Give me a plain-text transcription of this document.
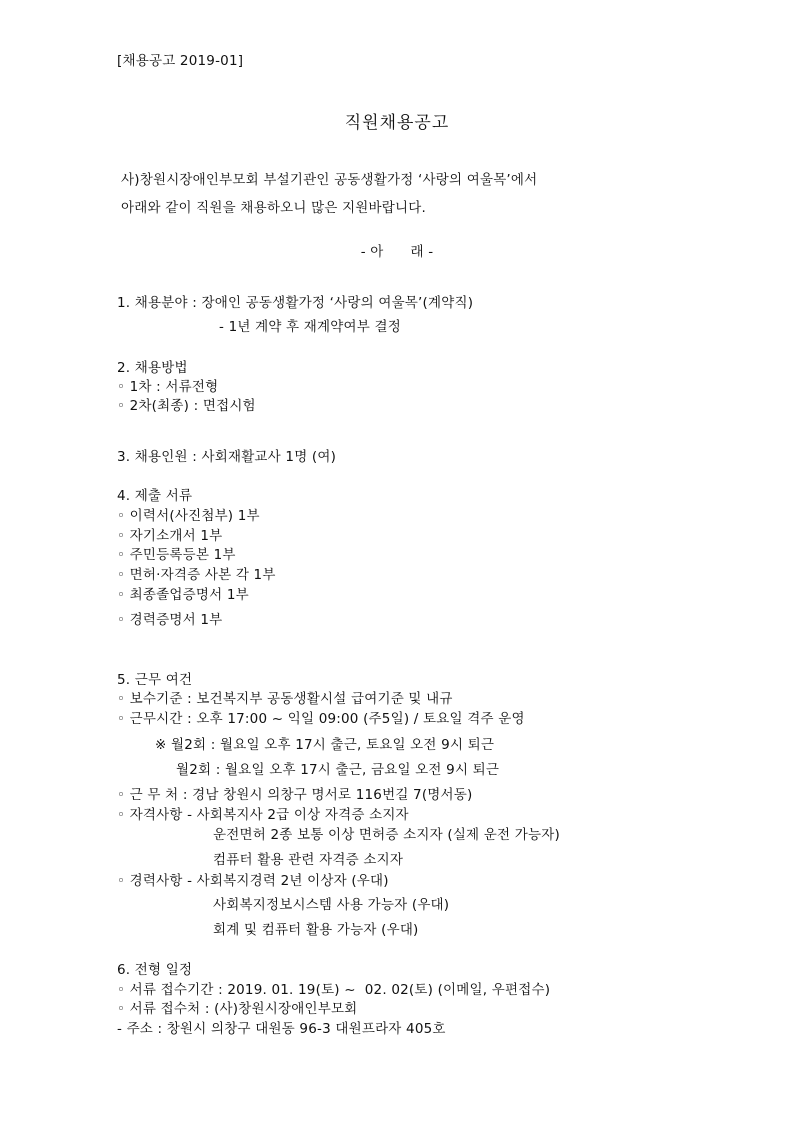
[채용공고 2019-01]
직원채용공고
사)창원시장애인부모회 부설기관인 공동생활가정 ‘사랑의 여울목’에서
아래와 같이 직원을 채용하오니 많은 지원바랍니다.
- 아      래 -
1. 채용분야 : 장애인 공동생활가정 ‘사랑의 여울목’(계약직)
- 1년 계약 후 재계약여부 결정
2. 채용방법
◦ 1차 : 서류전형
◦ 2차(최종) : 면접시험
3. 채용인원 : 사회재활교사 1명 (여)
4. 제출 서류
◦ 이력서(사진첨부) 1부
◦ 자기소개서 1부
◦ 주민등록등본 1부
◦ 면허·자격증 사본 각 1부
◦ 최종졸업증명서 1부
◦ 경력증명서 1부
5. 근무 여건
◦ 보수기준 : 보건복지부 공동생활시설 급여기준 및 내규
◦ 근무시간 : 오후 17:00 ~ 익일 09:00 (주5일) / 토요일 격주 운영
※ 월2회 : 월요일 오후 17시 출근, 토요일 오전 9시 퇴근
월2회 : 월요일 오후 17시 출근, 금요일 오전 9시 퇴근
◦ 근 무 처 : 경남 창원시 의창구 명서로 116번길 7(명서동)
◦ 자격사항 - 사회복지사 2급 이상 자격증 소지자
운전면허 2종 보통 이상 면허증 소지자 (실제 운전 가능자)
컴퓨터 활용 관련 자격증 소지자
◦ 경력사항 - 사회복지경력 2년 이상자 (우대)
사회복지정보시스템 사용 가능자 (우대)
회계 및 컴퓨터 활용 가능자 (우대)
6. 전형 일정
◦ 서류 접수기간 : 2019. 01. 19(토) ~  02. 02(토) (이메일, 우편접수)
◦ 서류 접수처 : (사)창원시장애인부모회
- 주소 : 창원시 의창구 대원동 96-3 대원프라자 405호
